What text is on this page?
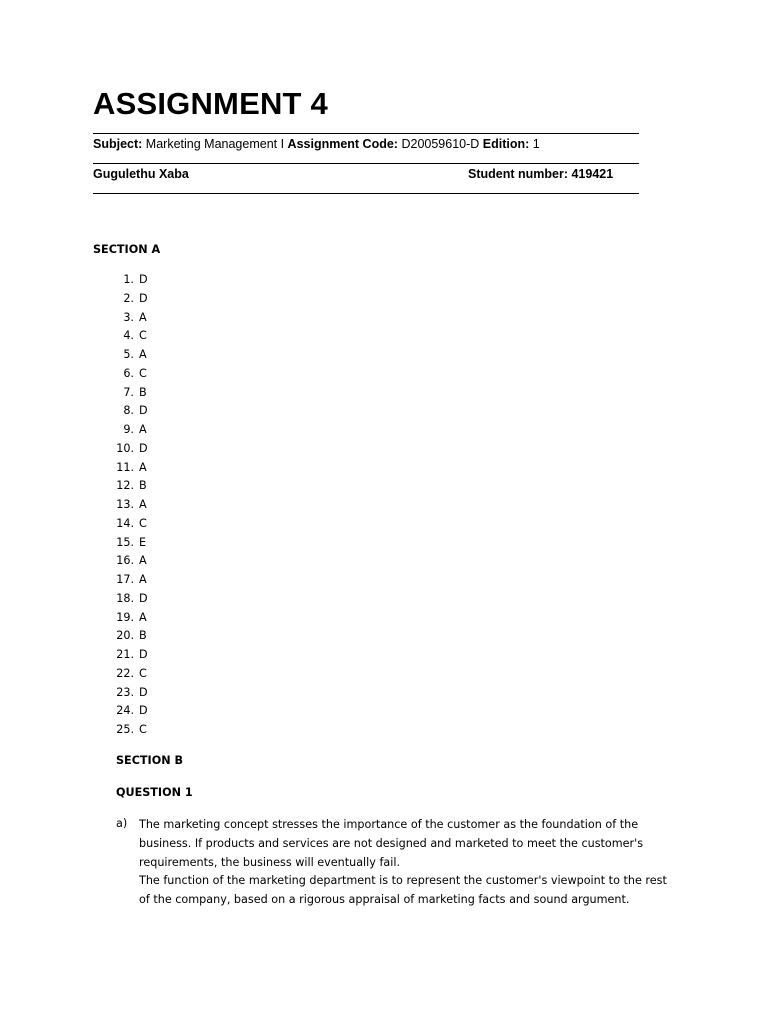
ASSIGNMENT 4
Subject: Marketing Management I Assignment Code: D20059610-D Edition: 1
Gugulethu Xaba	Student number: 419421
SECTION A
1. D
2. D
3. A
4. C
5. A
6. C
7. B
8. D
9. A
10. D
11. A
12. B
13. A
14. C
15. E
16. A
17. A
18. D
19. A
20. B
21. D
22. C
23. D
24. D
25. C
SECTION B
QUESTION 1
a) The marketing concept stresses the importance of the customer as the foundation of the business. If products and services are not designed and marketed to meet the customer's requirements, the business will eventually fail.

The function of the marketing department is to represent the customer's viewpoint to the rest of the company, based on a rigorous appraisal of marketing facts and sound argument.
